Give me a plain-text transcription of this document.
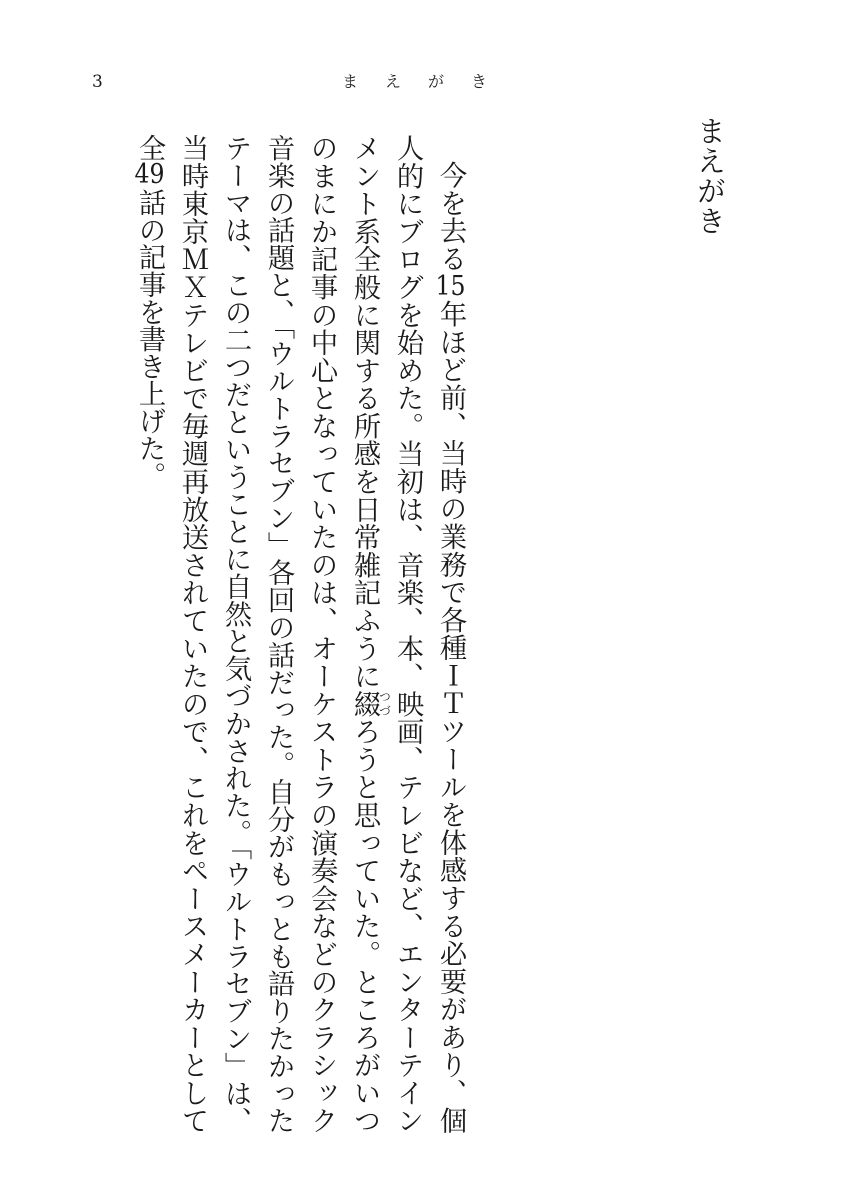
3	まえがき
まえがき

今を去る15年ほど前、当時の業務で各種ＩＴツールを体感する必要があり、個人的にブログを始めた。当初は、音楽、本、映画、テレビなど、エンターテインメント系全般に関する所感を日常雑記ふうに綴つづろうと思っていた。ところがいつのまにか記事の中心となっていたのは、オーケストラの演奏会などのクラシック音楽の話題と、「ウルトラセブン」各回の話だった。自分がもっとも語りたかったテーマは、この二つだということに自然と気づかされた。「ウルトラセブン」は、当時東京ＭＸテレビで毎週再放送されていたので、これをペースメーカーとして全49話の記事を書き上げた。
